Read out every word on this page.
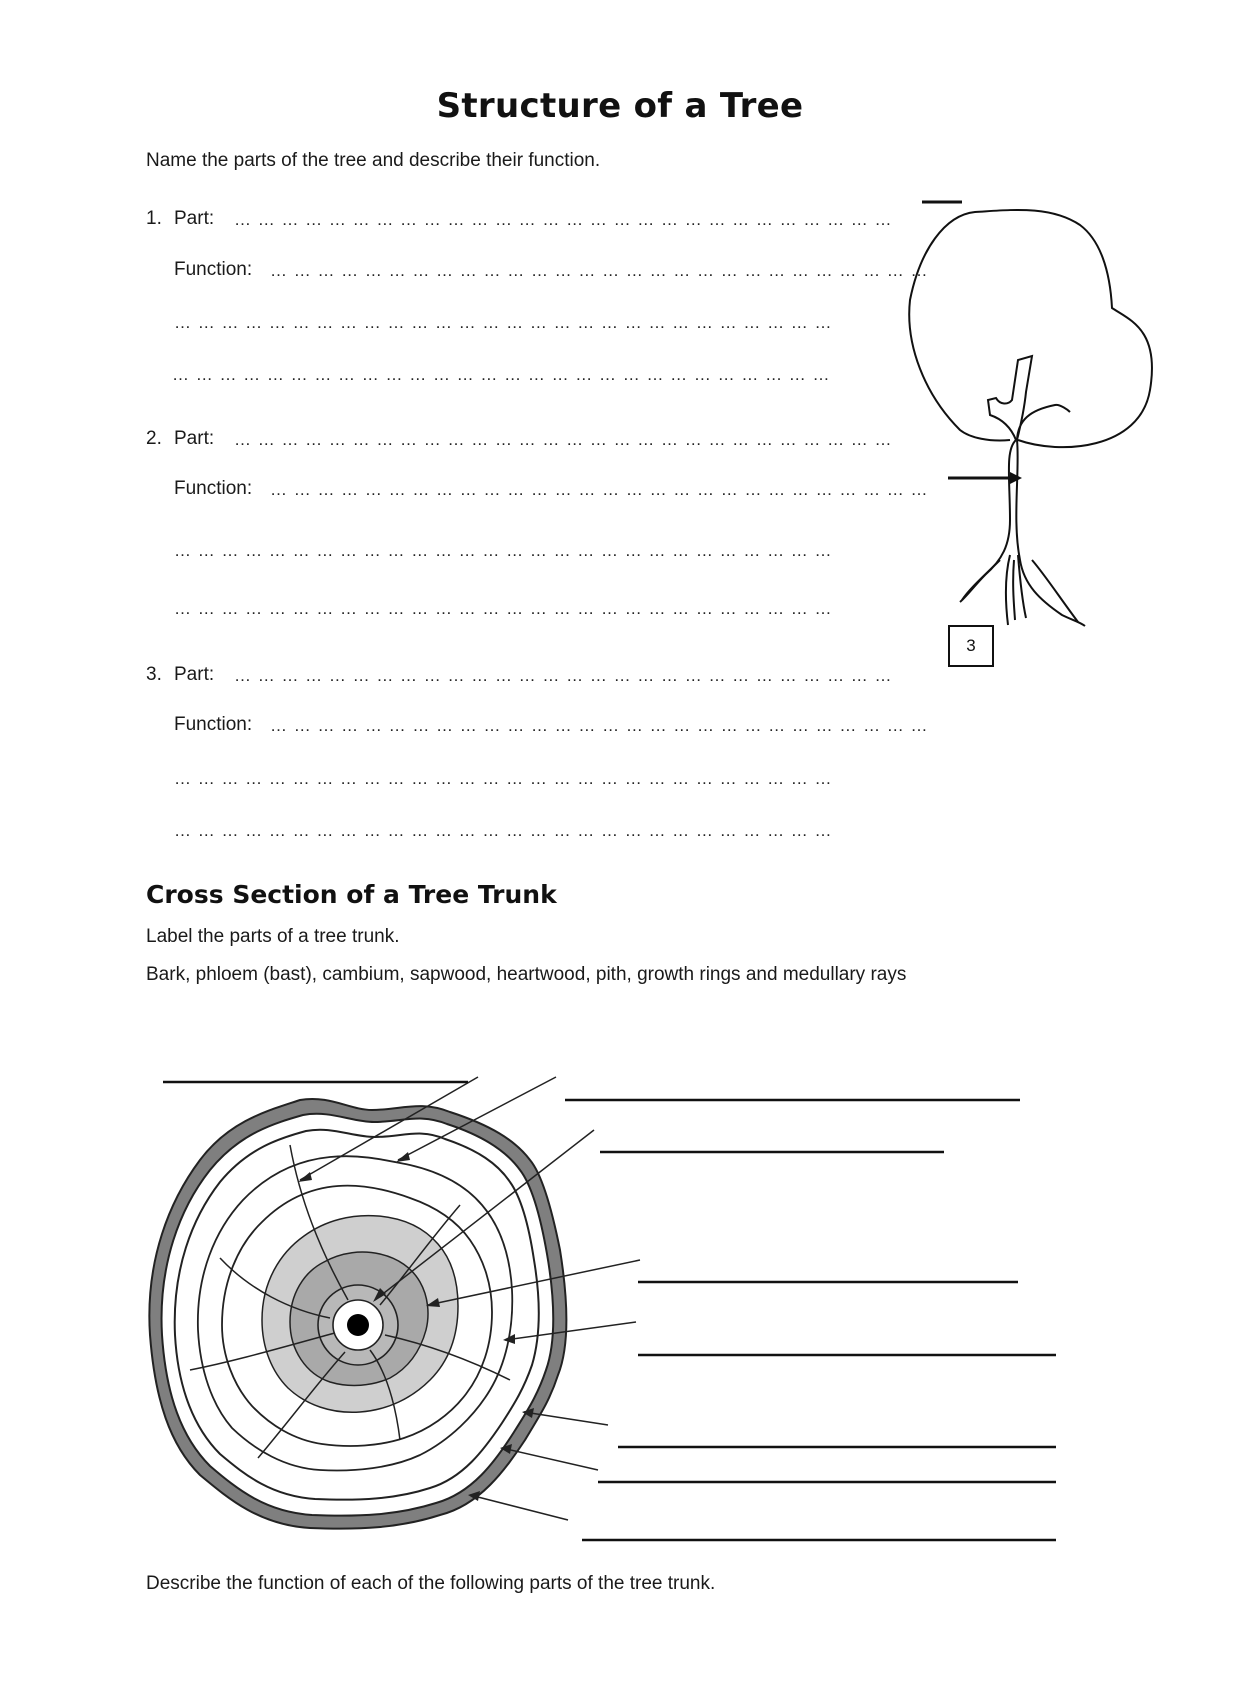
Structure of a Tree
Name the parts of the tree and describe their function.
1. Part: … … … … … … … … … … … … … … … … … … … … … … … … … … … …
Function: … … … … … … … … … … … … … … … … … … … … … … … … … … … …
… … … … … … … … … … … … … … … … … … … … … … … … … … … …
… … … … … … … … … … … … … … … … … … … … … … … … … … … …
2. Part: … … … … … … … … … … … … … … … … … … … … … … … … … … … …
Function: … … … … … … … … … … … … … … … … … … … … … … … … … … … …
… … … … … … … … … … … … … … … … … … … … … … … … … … … …
… … … … … … … … … … … … … … … … … … … … … … … … … … … …
3. Part: … … … … … … … … … … … … … … … … … … … … … … … … … … … …
Function: … … … … … … … … … … … … … … … … … … … … … … … … … … … …
… … … … … … … … … … … … … … … … … … … … … … … … … … … …
… … … … … … … … … … … … … … … … … … … … … … … … … … … …
3
Cross Section of a Tree Trunk
Label the parts of a tree trunk.
Bark, phloem (bast), cambium, sapwood, heartwood, pith, growth rings and medullary rays
Describe the function of each of the following parts of the tree trunk.
